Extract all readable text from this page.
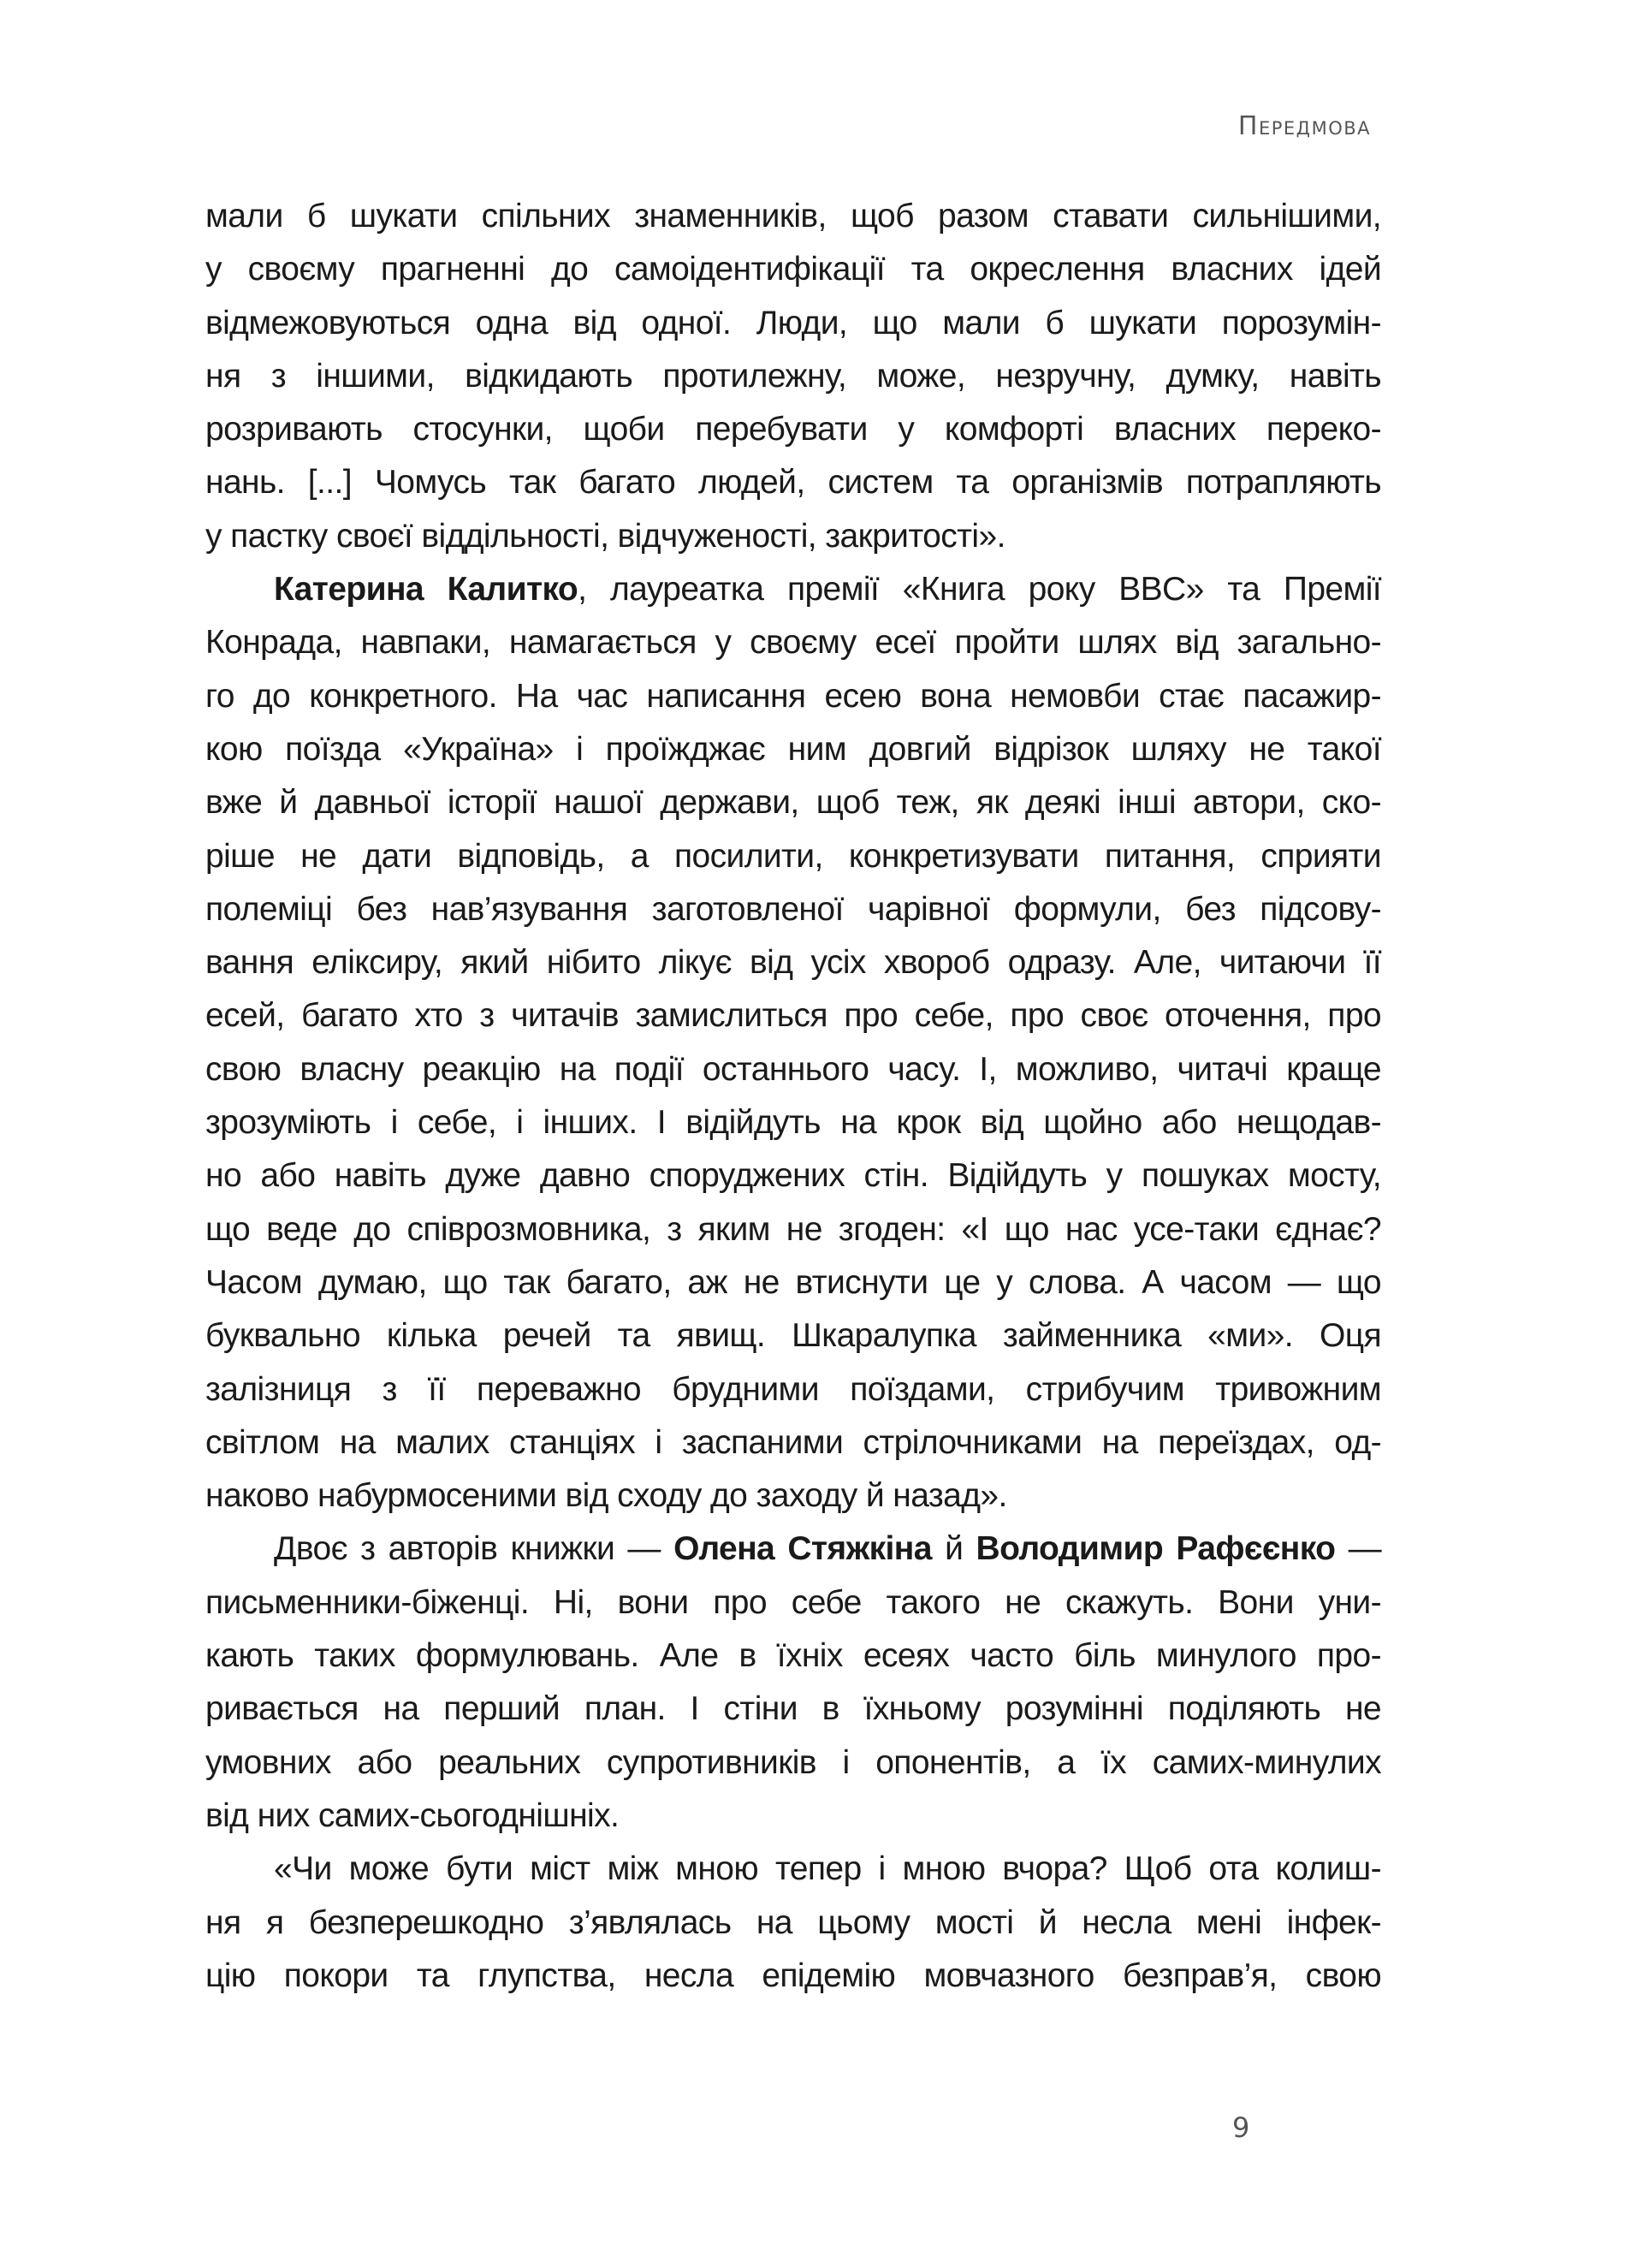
Передмова
мали б шукати спільних знаменників, щоб разом ставати сильнішими,
у своєму прагненні до самоідентифікації та окреслення власних ідей
відмежовуються одна від одної. Люди, що мали б шукати порозумін-
ня з іншими, відкидають протилежну, може, незручну, думку, навіть
розривають стосунки, щоби перебувати у комфорті власних переко-
нань. [...] Чомусь так багато людей, систем та організмів потрапляють
у пастку своєї віддільності, відчуженості, закритості».
Катерина Калитко, лауреатка премії «Книга року BBC» та Премії
Конрада, навпаки, намагається у своєму есеї пройти шлях від загально-
го до конкретного. На час написання есею вона немовби стає пасажир-
кою поїзда «Україна» і проїжджає ним довгий відрізок шляху не такої
вже й давньої історії нашої держави, щоб теж, як деякі інші автори, ско-
ріше не дати відповідь, а посилити, конкретизувати питання, сприяти
полеміці без нав’язування заготовленої чарівної формули, без підсову-
вання еліксиру, який нібито лікує від усіх хвороб одразу. Але, читаючи її
есей, багато хто з читачів замислиться про себе, про своє оточення, про
свою власну реакцію на події останнього часу. І, можливо, читачі краще
зрозуміють і себе, і інших. І відійдуть на крок від щойно або нещодав-
но або навіть дуже давно споруджених стін. Відійдуть у пошуках мосту,
що веде до співрозмовника, з яким не згоден: «І що нас усе-таки єднає?
Часом думаю, що так багато, аж не втиснути це у слова. А часом — що
буквально кілька речей та явищ. Шкаралупка займенника «ми». Оця
залізниця з її переважно брудними поїздами, стрибучим тривожним
світлом на малих станціях і заспаними стрілочниками на переїздах, од-
наково набурмосеними від сходу до заходу й назад».
Двоє з авторів книжки — Олена Стяжкіна й Володимир Рафєєнко —
письменники-біженці. Ні, вони про себе такого не скажуть. Вони уни-
кають таких формулювань. Але в їхніх есеях часто біль минулого про-
ривається на перший план. І стіни в їхньому розумінні поділяють не
умовних або реальних супротивників і опонентів, а їх самих-минулих
від них самих-сьогоднішніх.
«Чи може бути міст між мною тепер і мною вчора? Щоб ота колиш-
ня я безперешкодно з’являлась на цьому мості й несла мені інфек-
цію покори та глупства, несла епідемію мовчазного безправ’я, свою
9
